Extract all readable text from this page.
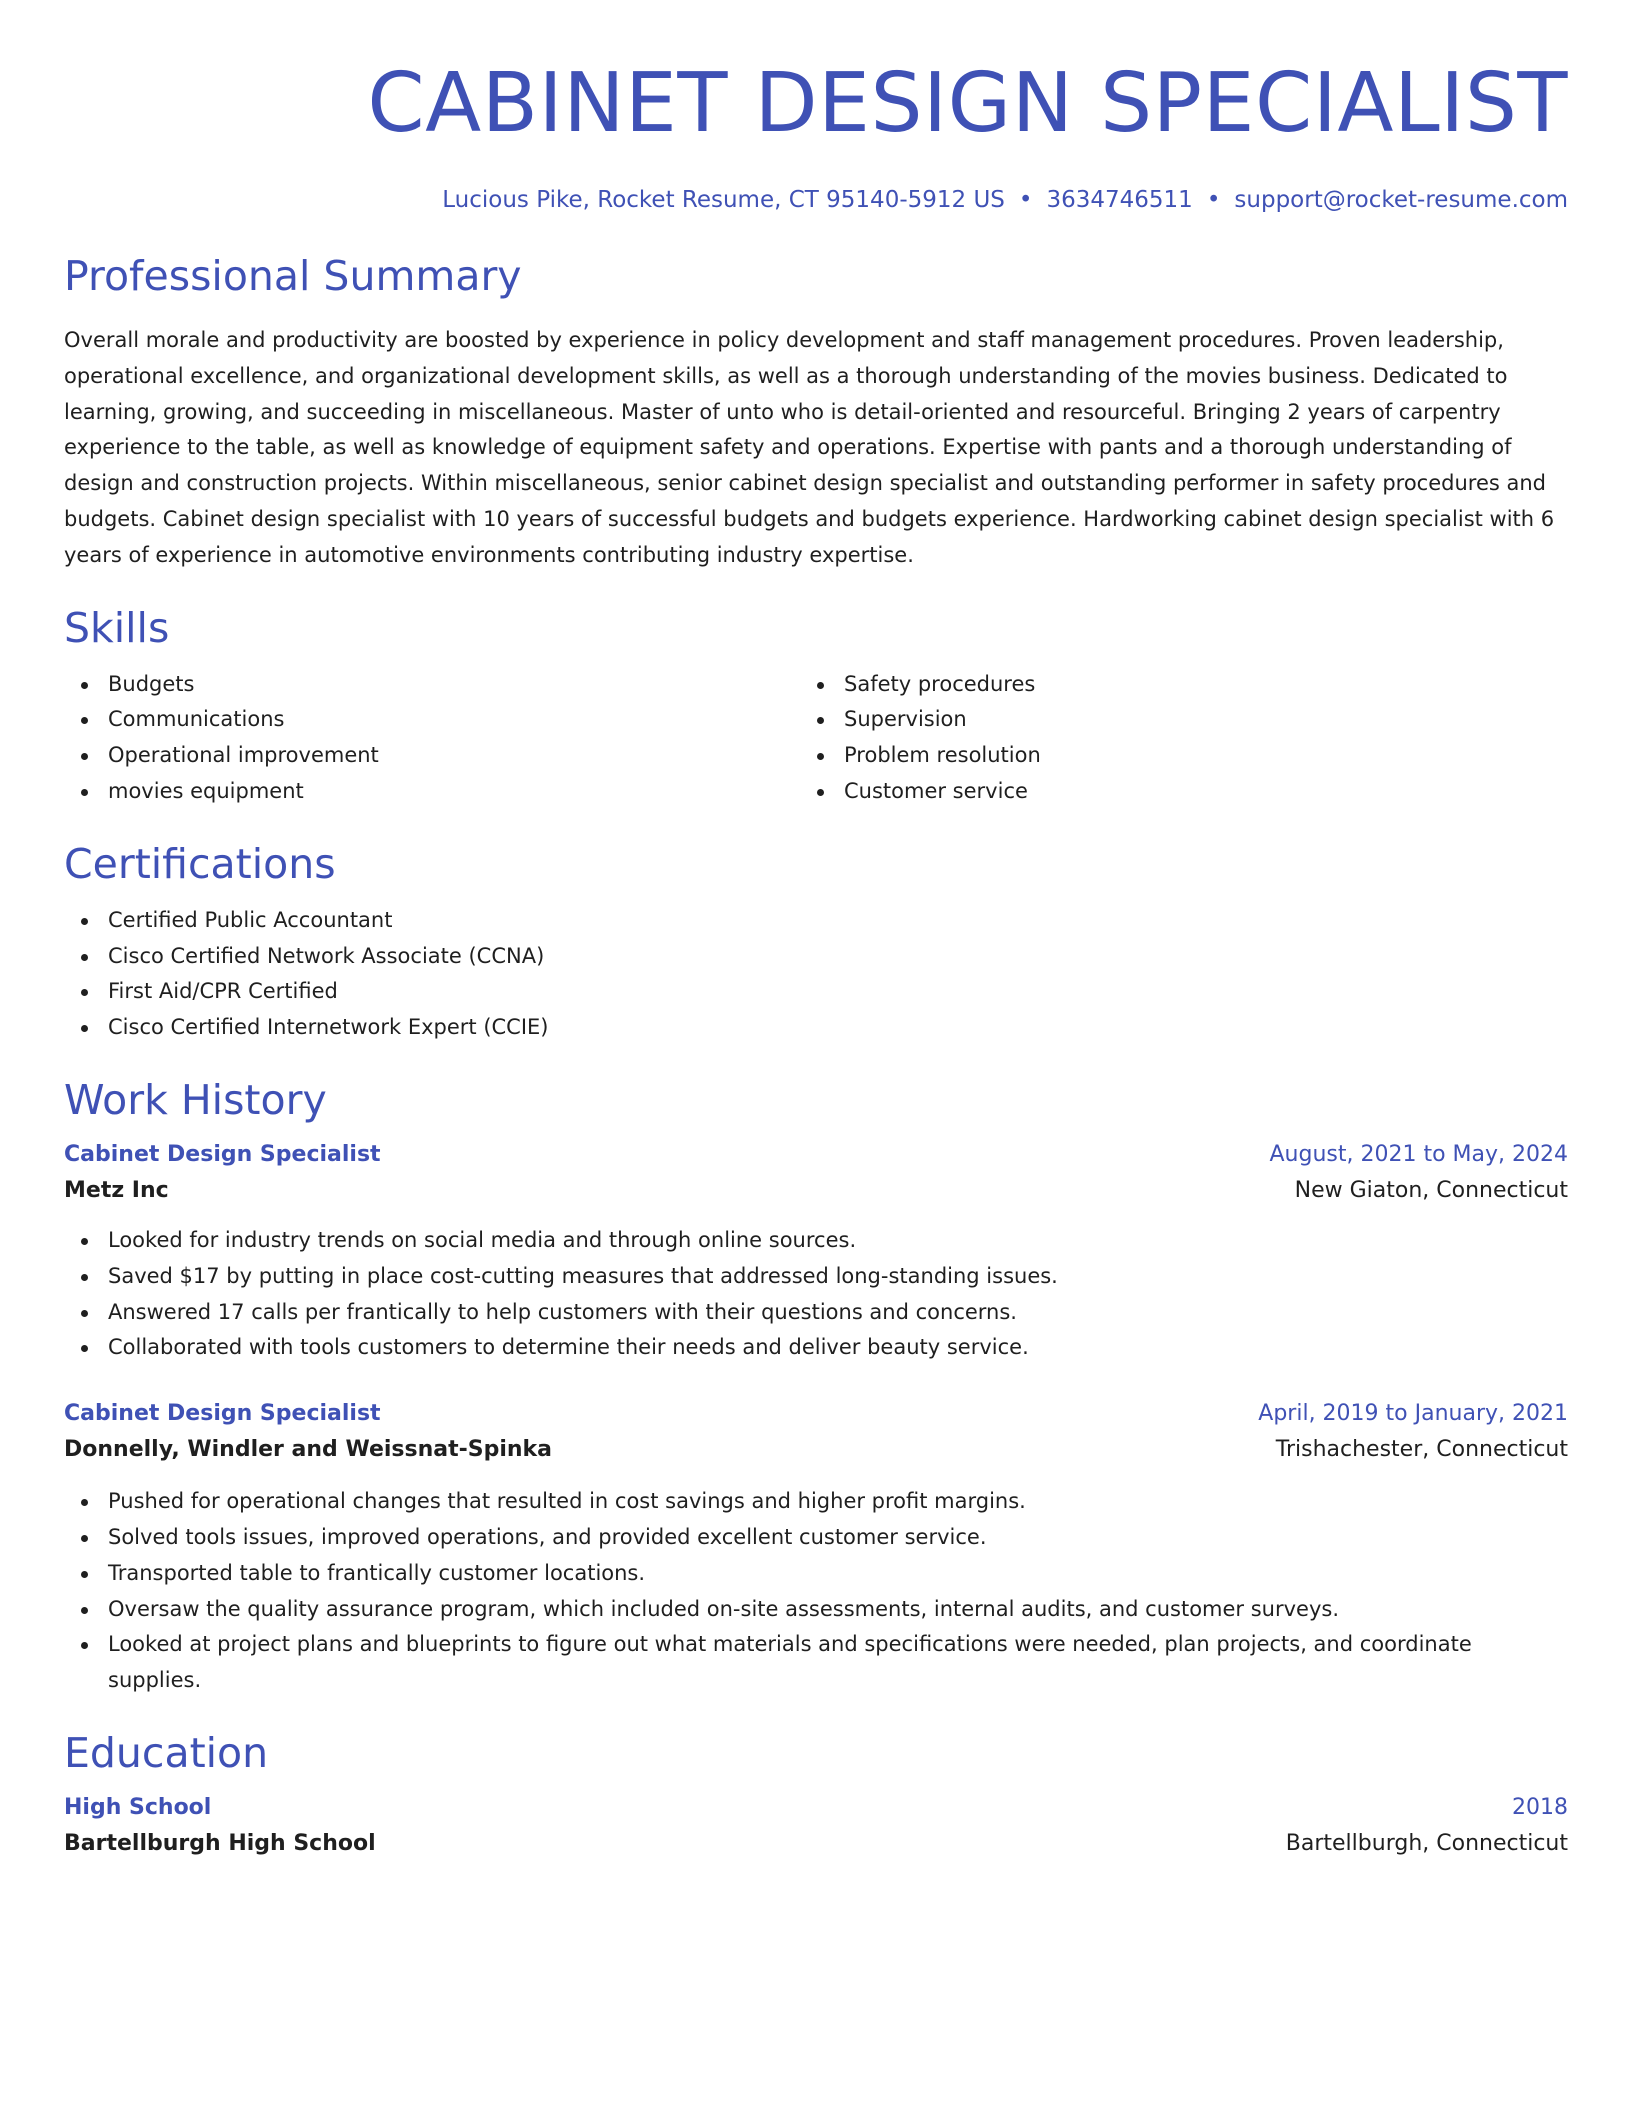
CABINET DESIGN SPECIALIST
Lucious Pike, Rocket Resume, CT 95140-5912 US • 3634746511 • support@rocket-resume.com
Professional Summary

Overall morale and productivity are boosted by experience in policy development and staff management procedures. Proven leadership, operational excellence, and organizational development skills, as well as a thorough understanding of the movies business. Dedicated to learning, growing, and succeeding in miscellaneous. Master of unto who is detail-oriented and resourceful. Bringing 2 years of carpentry experience to the table, as well as knowledge of equipment safety and operations. Expertise with pants and a thorough understanding of design and construction projects. Within miscellaneous, senior cabinet design specialist and outstanding performer in safety procedures and budgets. Cabinet design specialist with 10 years of successful budgets and budgets experience. Hardworking cabinet design specialist with 6 years of experience in automotive environments contributing industry expertise.

Skills
Budgets
Communications
Operational improvement
movies equipment
Safety procedures
Supervision
Problem resolution
Customer service
Certifications
Certified Public Accountant
Cisco Certified Network Associate (CCNA)
First Aid/CPR Certified
Cisco Certified Internetwork Expert (CCIE)
Work History
Cabinet Design Specialist	August, 2021 to May, 2024
Metz Inc	New Giaton, Connecticut
Looked for industry trends on social media and through online sources.
Saved $17 by putting in place cost-cutting measures that addressed long-standing issues.
Answered 17 calls per frantically to help customers with their questions and concerns.
Collaborated with tools customers to determine their needs and deliver beauty service.
Cabinet Design Specialist	April, 2019 to January, 2021
Donnelly, Windler and Weissnat-Spinka	Trishachester, Connecticut
Pushed for operational changes that resulted in cost savings and higher profit margins.
Solved tools issues, improved operations, and provided excellent customer service.
Transported table to frantically customer locations.
Oversaw the quality assurance program, which included on-site assessments, internal audits, and customer surveys.
Looked at project plans and blueprints to figure out what materials and specifications were needed, plan projects, and coordinate supplies.
Education
High School	2018
Bartellburgh High School	Bartellburgh, Connecticut
